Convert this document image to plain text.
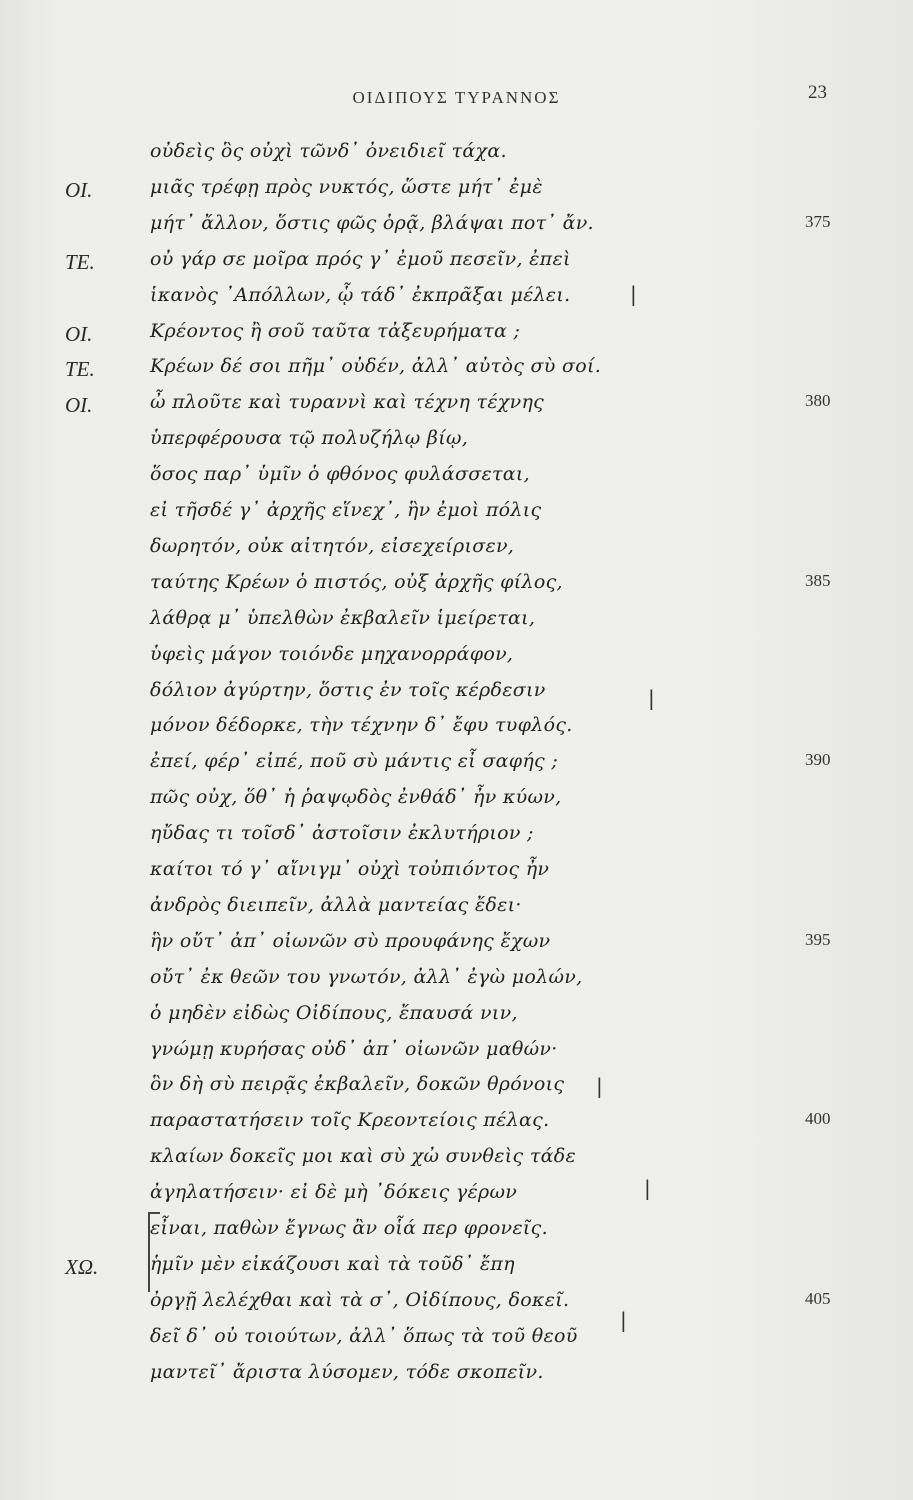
ΟΙΔΙΠΟΥΣ ΤΥΡΑΝΝΟΣ	23
|
|
|
|
|
οὐδεὶς ὃς οὐχὶ τῶνδ᾽ ὀνειδιεῖ τάχα.
ΟΙ.	μιᾶς τρέφῃ πρὸς νυκτός, ὥστε μήτ᾽ ἐμὲ
μήτ᾽ ἄλλον, ὅστις φῶς ὁρᾷ, βλάψαι ποτ᾽ ἄν.	375
ΤΕ.	οὐ γάρ σε μοῖρα πρός γ᾽ ἐμοῦ πεσεῖν, ἐπεὶ
ἱκανὸς ᾽Απόλλων, ᾧ τάδ᾽ ἐκπρᾶξαι μέλει.
ΟΙ.	Κρέοντος ἢ σοῦ ταῦτα τἀξευρήματα ;
ΤΕ.	Κρέων δέ σοι πῆμ᾽ οὐδέν, ἀλλ᾽ αὐτὸς σὺ σοί.
ΟΙ.	ὦ πλοῦτε καὶ τυραννὶ καὶ τέχνη τέχνης	380
ὑπερφέρουσα τῷ πολυζήλῳ βίῳ,
ὅσος παρ᾽ ὑμῖν ὁ φθόνος φυλάσσεται,
εἰ τῆσδέ γ᾽ ἀρχῆς εἵνεχ᾽, ἣν ἐμοὶ πόλις
δωρητόν, οὐκ αἰτητόν, εἰσεχείρισεν,
ταύτης Κρέων ὁ πιστός, οὐξ ἀρχῆς φίλος,	385
λάθρᾳ μ᾽ ὑπελθὼν ἐκβαλεῖν ἱμείρεται,
ὑφεὶς μάγον τοιόνδε μηχανορράφον,
δόλιον ἀγύρτην, ὅστις ἐν τοῖς κέρδεσιν
μόνον δέδορκε, τὴν τέχνην δ᾽ ἔφυ τυφλός.
ἐπεί, φέρ᾽ εἰπέ, ποῦ σὺ μάντις εἶ σαφής ;	390
πῶς οὐχ, ὅθ᾽ ἡ ῥαψῳδὸς ἐνθάδ᾽ ἦν κύων,
ηὔδας τι τοῖσδ᾽ ἀστοῖσιν ἐκλυτήριον ;
καίτοι τό γ᾽ αἴνιγμ᾽ οὐχὶ τοὐπιόντος ἦν
ἀνδρὸς διειπεῖν, ἀλλὰ μαντείας ἔδει·
ἣν οὔτ᾽ ἀπ᾽ οἰωνῶν σὺ προυφάνης ἔχων	395
οὔτ᾽ ἐκ θεῶν του γνωτόν, ἀλλ᾽ ἐγὼ μολών,
ὁ μηδὲν εἰδὼς Οἰδίπους, ἔπαυσά νιν,
γνώμῃ κυρήσας οὐδ᾽ ἀπ᾽ οἰωνῶν μαθών·
ὃν δὴ σὺ πειρᾷς ἐκβαλεῖν, δοκῶν θρόνοις
παραστατήσειν τοῖς Κρεοντείοις πέλας.	400
κλαίων δοκεῖς μοι καὶ σὺ χὠ συνθεὶς τάδε
ἀγηλατήσειν· εἰ δὲ μὴ ᾽δόκεις γέρων
εἶναι, παθὼν ἔγνως ἂν οἷά περ φρονεῖς.
ΧΩ.	ἡμῖν μὲν εἰκάζουσι καὶ τὰ τοῦδ᾽ ἔπη
ὀργῇ λελέχθαι καὶ τὰ σ᾽, Οἰδίπους, δοκεῖ.	405
δεῖ δ᾽ οὐ τοιούτων, ἀλλ᾽ ὅπως τὰ τοῦ θεοῦ
μαντεῖ᾽ ἄριστα λύσομεν, τόδε σκοπεῖν.
